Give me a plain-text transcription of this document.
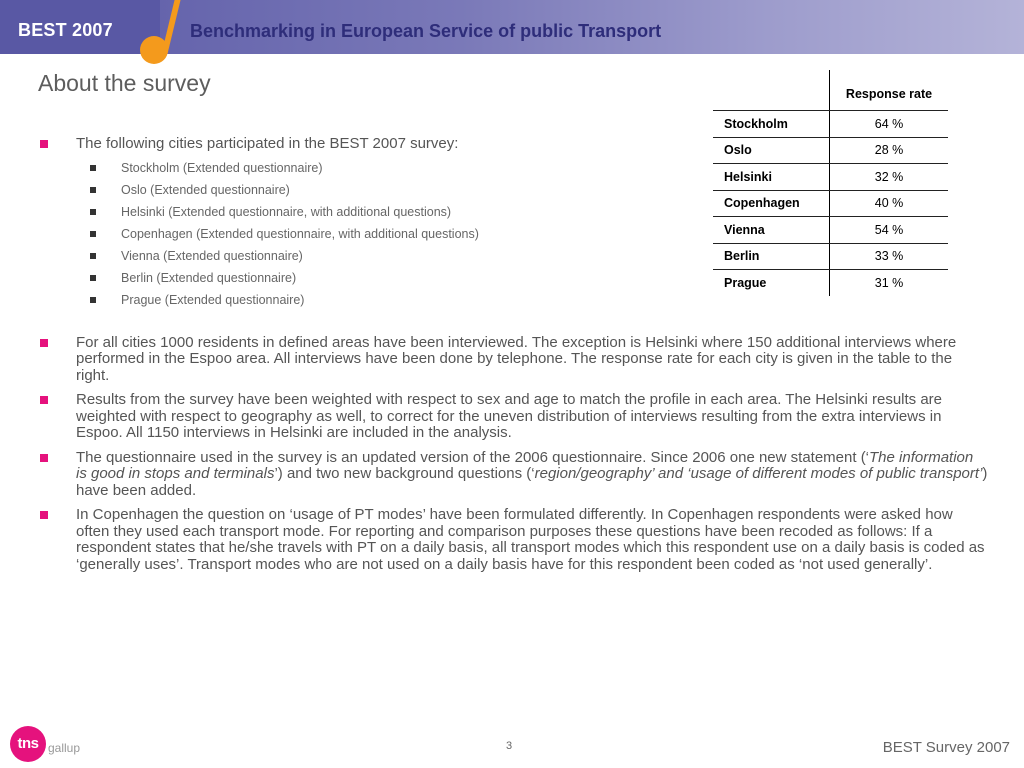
BEST 2007	Benchmarking in European Service of public Transport
About the survey
The following cities participated in the BEST 2007 survey:
Stockholm (Extended questionnaire)
Oslo (Extended questionnaire)
Helsinki (Extended questionnaire, with additional questions)
Copenhagen (Extended questionnaire, with additional questions)
Vienna (Extended questionnaire)
Berlin (Extended questionnaire)
Prague (Extended questionnaire)
For all cities 1000 residents in defined areas have been interviewed. The exception is Helsinki where 150 additional interviews where performed in the Espoo area. All interviews have been done by telephone. The response rate for each city is given in the table to the right.
Results from the survey have been weighted with respect to sex and age to match the profile in each area. The Helsinki results are weighted with respect to geography as well, to correct for the uneven distribution of interviews resulting from the extra interviews in Espoo. All 1150 interviews in Helsinki are included in the analysis.
The questionnaire used in the survey is an updated version of the 2006 questionnaire. Since 2006 one new statement (‘The information is good in stops and terminals’) and two new background questions (‘region/geography’ and ‘usage of different modes of public transport’) have been added.
In Copenhagen the question on ‘usage of PT modes’ have been formulated differently. In Copenhagen respondents were asked how often they used each transport mode. For reporting and comparison purposes these questions have been recoded as follows: If a respondent states that he/she travels with PT on a daily basis, all transport modes which this respondent use on a daily basis is coded as ‘generally uses’. Transport modes who are not used on a daily basis have for this respondent been coded as ‘not used generally’.
	Response rate
Stockholm	64 %
Oslo	28 %
Helsinki	32 %
Copenhagen	40 %
Vienna	54 %
Berlin	33 %
Prague	31 %
tns gallup	3	BEST Survey 2007
